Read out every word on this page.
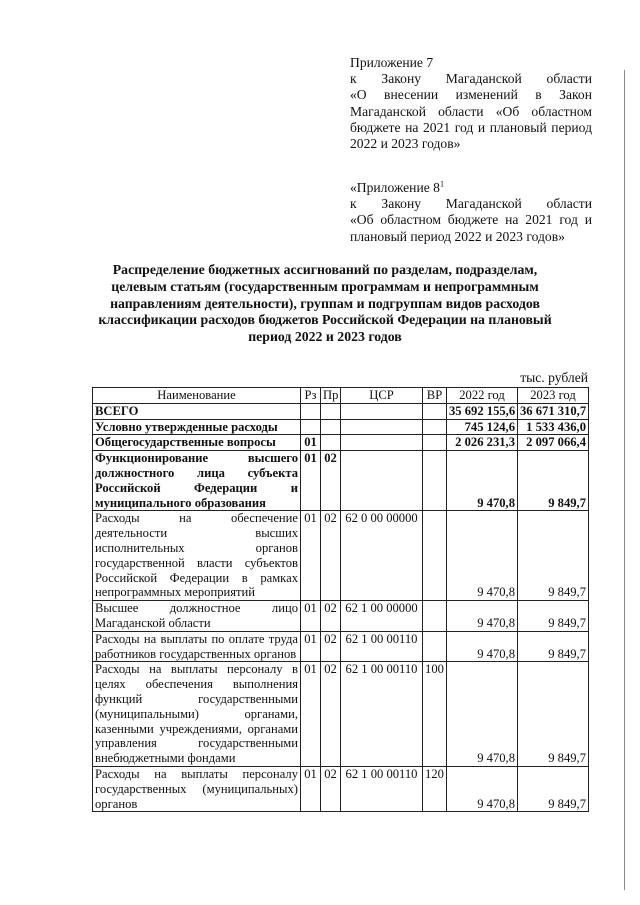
Приложение 7

к Закону Магаданской области

«О внесении изменений в Закон Магаданской области «Об областном бюджете на 2021 год и плановый период 2022 и 2023 годов»

«Приложение $8^1$

к Закону Магаданской области

«Об областном бюджете на 2021 год и плановый период 2022 и 2023 годов»

Распределение бюджетных ассигнований по разделам, подразделам, целевым статьям (государственным программам и непрограммным направлениям деятельности), группам и подгруппам видов расходов классификации расходов бюджетов Российской Федерации на плановый период 2022 и 2023 годов
тыс. рублей
Наименование	Рз	Пр	ЦСР	ВР	2022 год	2023 год
ВСЕГО					35 692 155,6	36 671 310,7
Условно утвержденные расходы					745 124,6	1 533 436,0
Общегосударственные вопросы	01				2 026 231,3	2 097 066,4
Функционирование высшего должностного лица субъекта Российской Федерации и муниципального образования	01	02			9 470,8	9 849,7
Расходы на обеспечение деятельности высших исполнительных органов государственной власти субъектов Российской Федерации в рамках непрограммных мероприятий	01	02	62 0 00 00000		9 470,8	9 849,7
Высшее должностное лицо Магаданской области	01	02	62 1 00 00000		9 470,8	9 849,7
Расходы на выплаты по оплате труда работников государственных органов	01	02	62 1 00 00110		9 470,8	9 849,7
Расходы на выплаты персоналу в целях обеспечения выполнения функций государственными (муниципальными) органами, казенными учреждениями, органами управления государственными внебюджетными фондами	01	02	62 1 00 00110	100	9 470,8	9 849,7
Расходы на выплаты персоналу государственных (муниципальных) органов	01	02	62 1 00 00110	120	9 470,8	9 849,7
